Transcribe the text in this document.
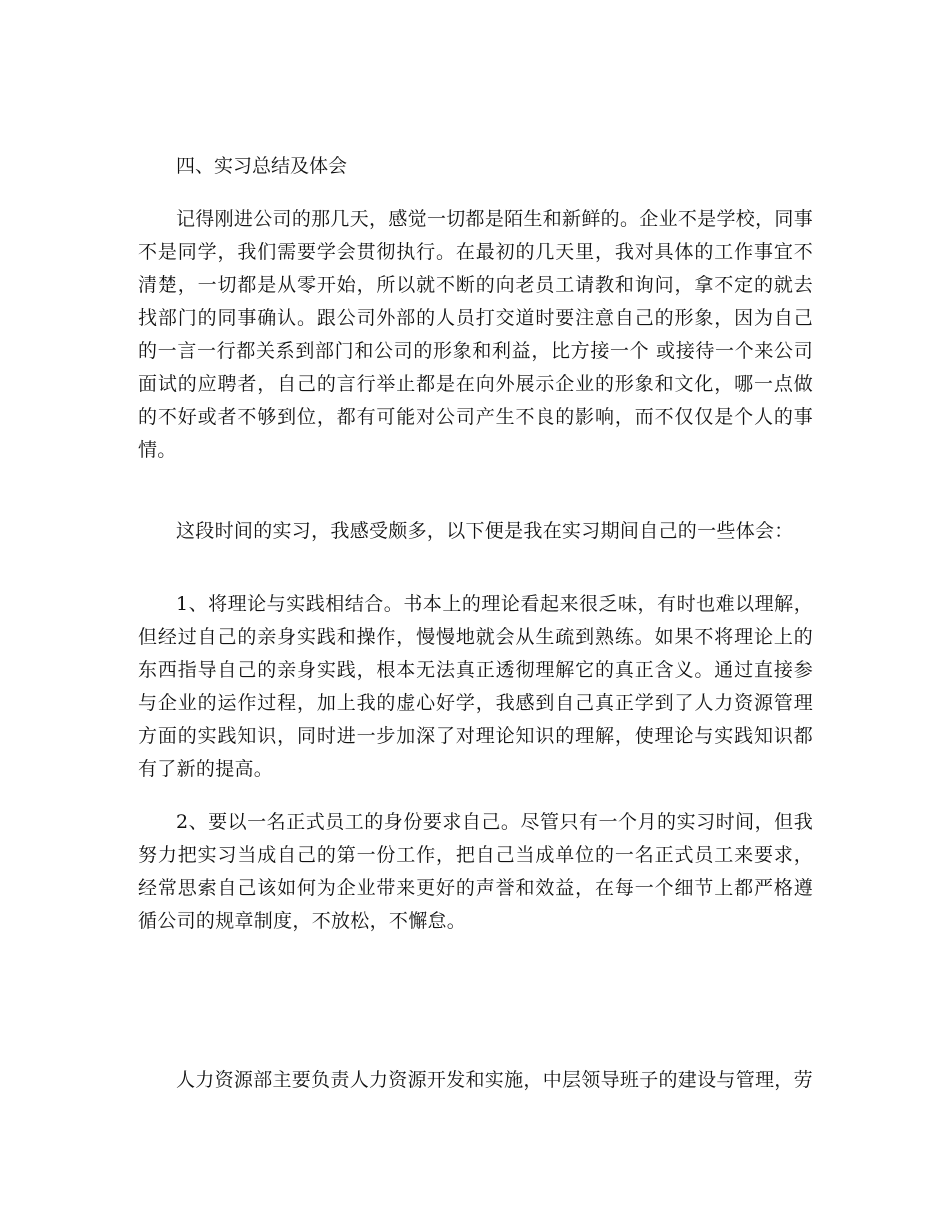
四、实习总结及体会

记得刚进公司的那几天，感觉一切都是陌生和新鲜的。企业不是学校，同事不是同学，我们需要学会贯彻执行。在最初的几天里，我对具体的工作事宜不清楚，一切都是从零开始，所以就不断的向老员工请教和询问，拿不定的就去找部门的同事确认。跟公司外部的人员打交道时要注意自己的形象，因为自己的一言一行都关系到部门和公司的形象和利益，比方接一个 或接待一个来公司面试的应聘者，自己的言行举止都是在向外展示企业的形象和文化，哪一点做的不好或者不够到位，都有可能对公司产生不良的影响，而不仅仅是个人的事情。

这段时间的实习，我感受颇多，以下便是我在实习期间自己的一些体会：

1、将理论与实践相结合。书本上的理论看起来很乏味，有时也难以理解，但经过自己的亲身实践和操作，慢慢地就会从生疏到熟练。如果不将理论上的东西指导自己的亲身实践，根本无法真正透彻理解它的真正含义。通过直接参与企业的运作过程，加上我的虚心好学，我感到自己真正学到了人力资源管理方面的实践知识，同时进一步加深了对理论知识的理解，使理论与实践知识都有了新的提高。

2、要以一名正式员工的身份要求自己。尽管只有一个月的实习时间，但我努力把实习当成自己的第一份工作，把自己当成单位的一名正式员工来要求，经常思索自己该如何为企业带来更好的声誉和效益，在每一个细节上都严格遵循公司的规章制度，不放松，不懈怠。

人力资源部主要负责人力资源开发和实施，中层领导班子的建设与管理，劳
